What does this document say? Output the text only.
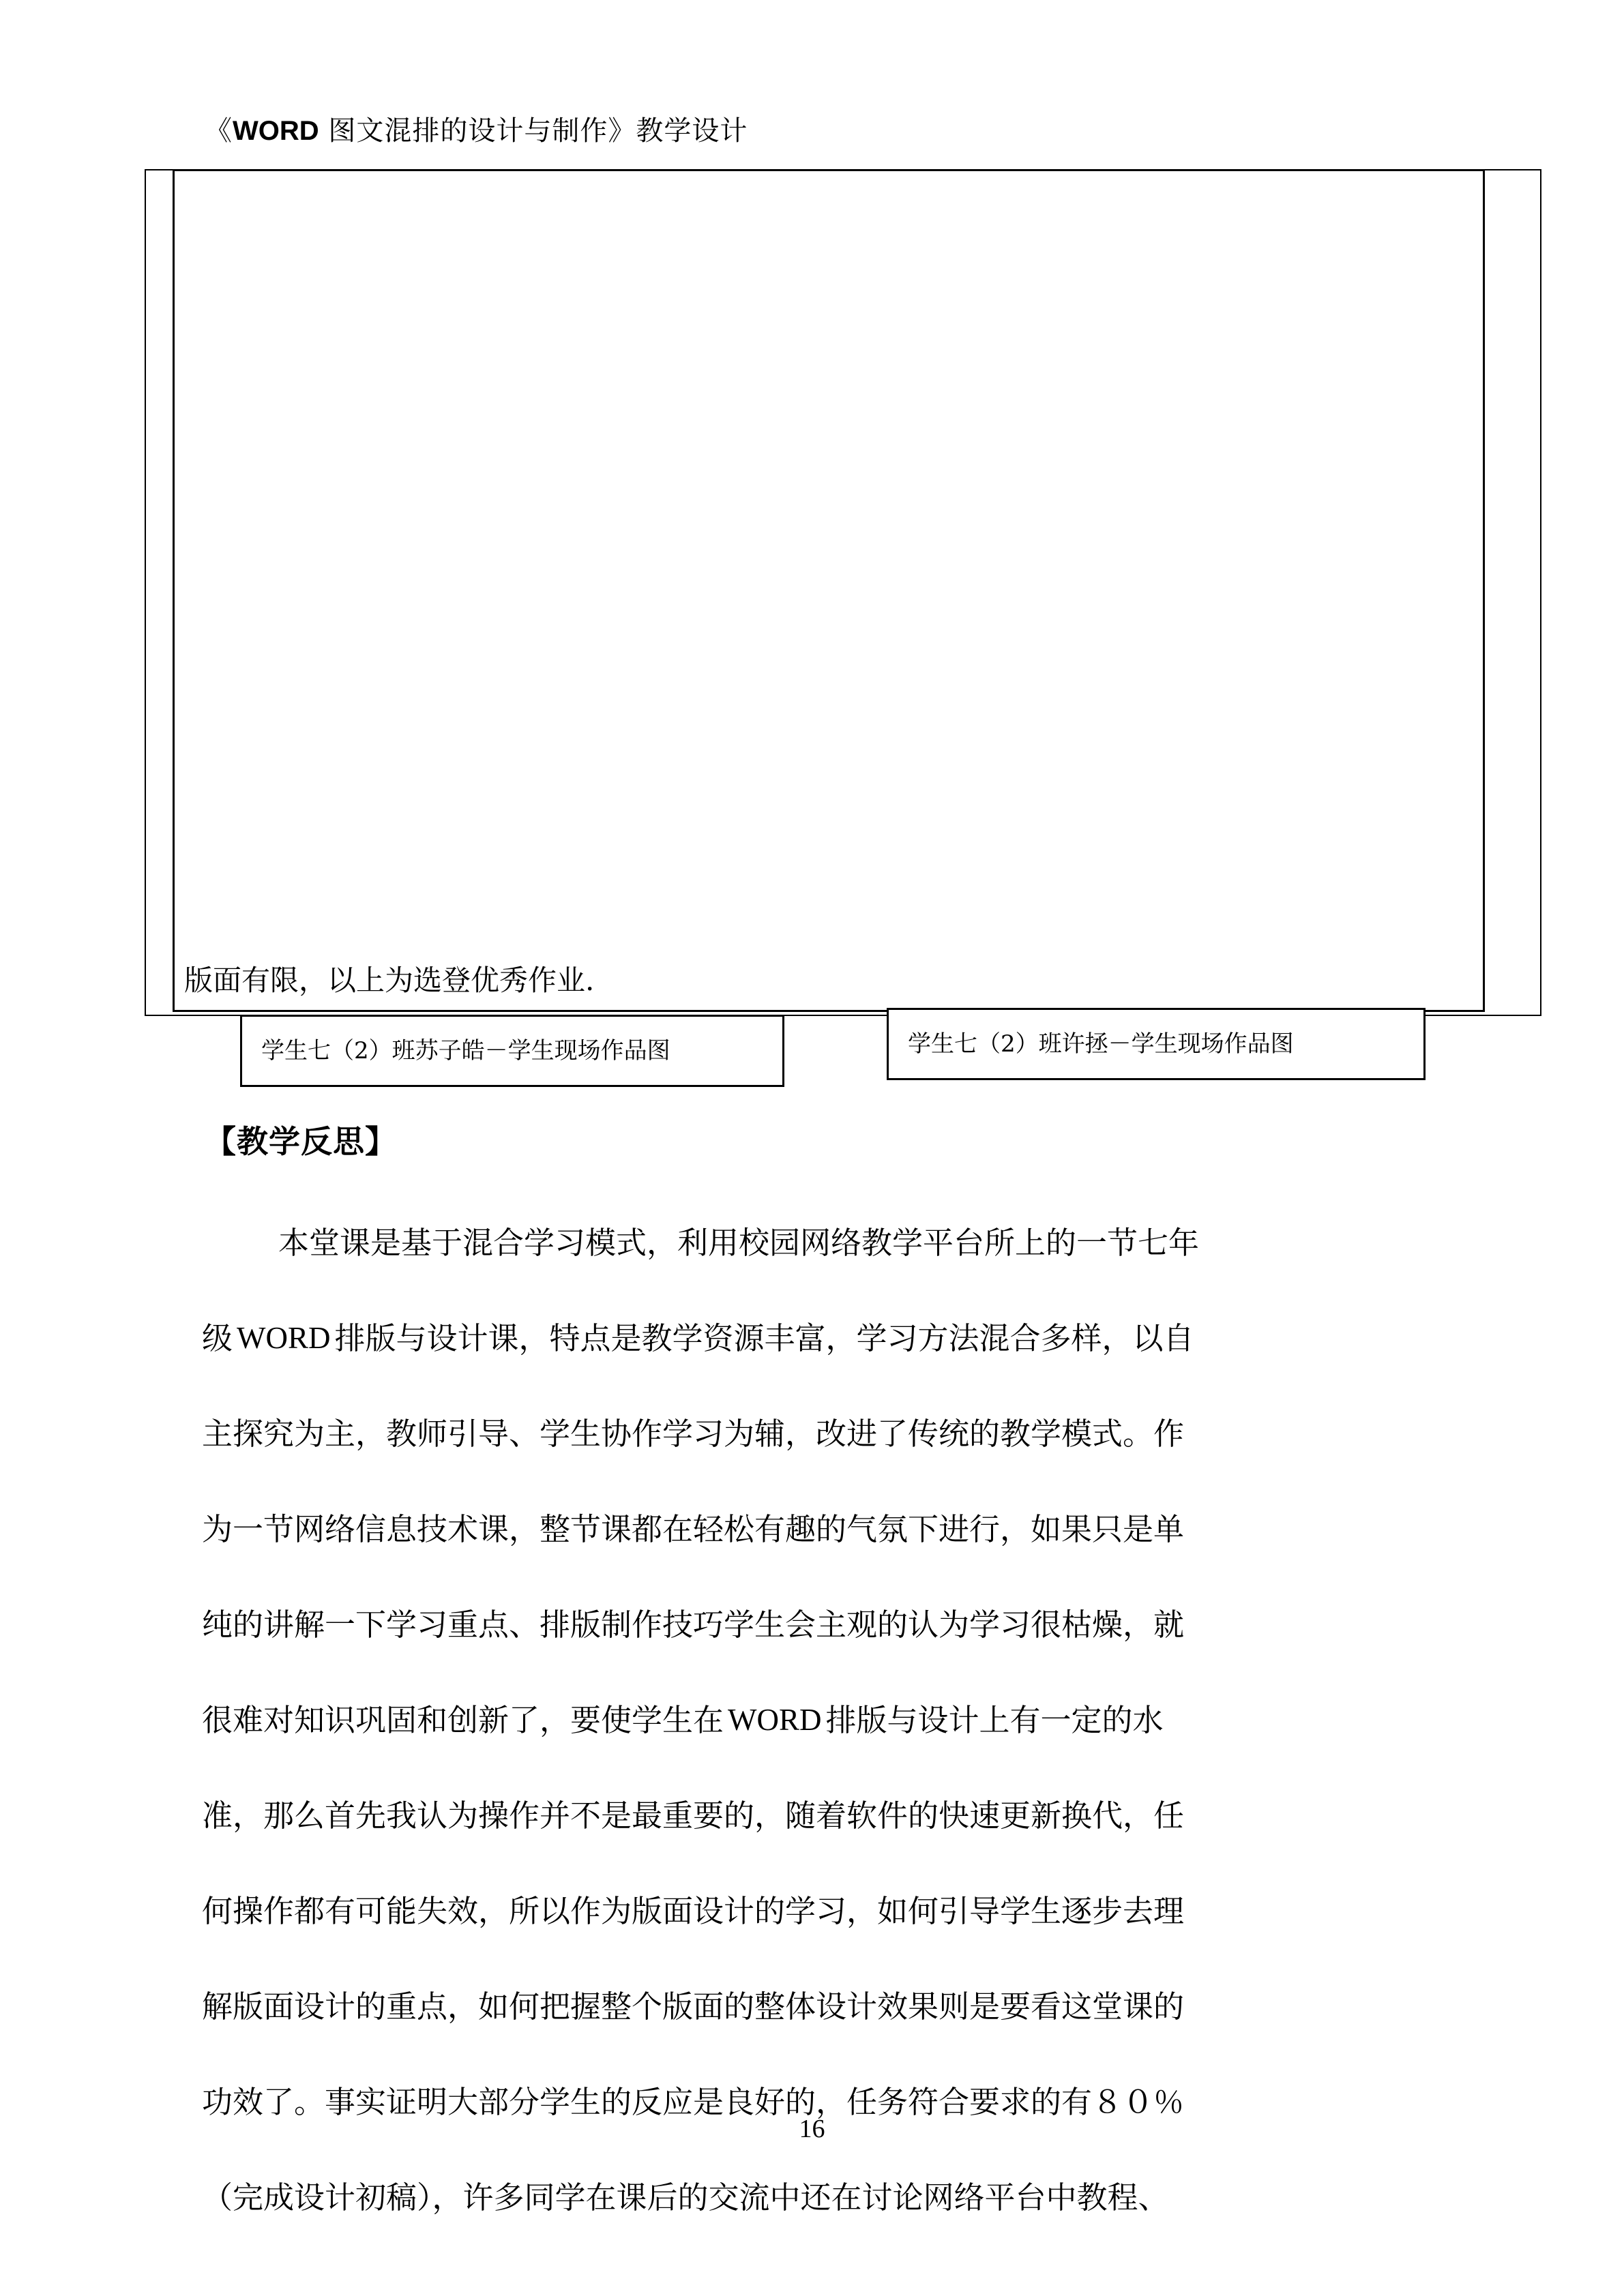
《WORD 图文混排的设计与制作》教学设计
版面有限，以上为选登优秀作业.
学生七（2）班苏子皓－学生现场作品图	学生七（2）班许拯－学生现场作品图
【教学反思】
本堂课是基于混合学习模式，利用校园网络教学平台所上的一节七年
级 WORD 排版与设计课，特点是教学资源丰富，学习方法混合多样，以自
主探究为主，教师引导、学生协作学习为辅，改进了传统的教学模式。作
为一节网络信息技术课，整节课都在轻松有趣的气氛下进行，如果只是单
纯的讲解一下学习重点、排版制作技巧学生会主观的认为学习很枯燥，就
很难对知识巩固和创新了，要使学生在 WORD 排版与设计上有一定的水
准，那么首先我认为操作并不是最重要的，随着软件的快速更新换代，任
何操作都有可能失效，所以作为版面设计的学习，如何引导学生逐步去理
解版面设计的重点，如何把握整个版面的整体设计效果则是要看这堂课的
功效了。事实证明大部分学生的反应是良好的，任务符合要求的有８０％
（完成设计初稿），许多同学在课后的交流中还在讨论网络平台中教程、
16
